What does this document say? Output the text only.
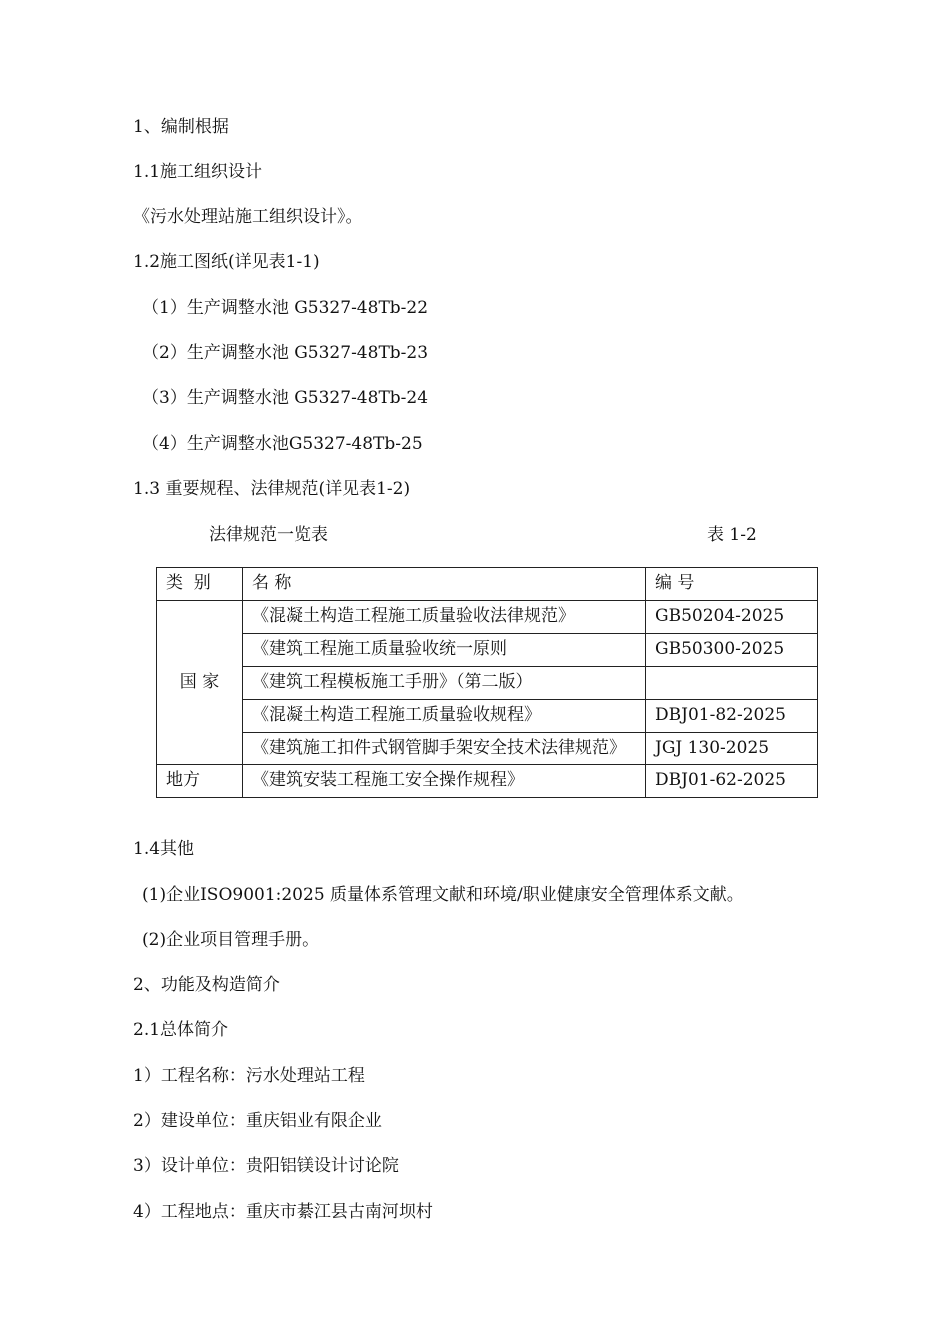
1、编制根据
1.1施工组织设计
《污水处理站施工组织设计》。
1.2施工图纸(详见表1-1)
（1）生产调整水池 G5327-48Tb-22
（2）生产调整水池 G5327-48Tb-23
（3）生产调整水池 G5327-48Tb-24
（4）生产调整水池G5327-48Tb-25
1.3 重要规程、法律规范(详见表1-2)
法律规范一览表	表 1-2
类  别	名 称	编 号
国 家	《混凝土构造工程施工质量验收法律规范》	GB50204-2025
	《建筑工程施工质量验收统一原则	GB50300-2025
	《建筑工程模板施工手册》（第二版）	
	《混凝土构造工程施工质量验收规程》	DBJ01-82-2025
	《建筑施工扣件式钢管脚手架安全技术法律规范》	JGJ 130-2025
地方	《建筑安装工程施工安全操作规程》	DBJ01-62-2025
1.4其他
(1)企业ISO9001:2025 质量体系管理文献和环境/职业健康安全管理体系文献。
(2)企业项目管理手册。
2、功能及构造简介
2.1总体简介
1）工程名称：污水处理站工程
2）建设单位：重庆铝业有限企业
3）设计单位：贵阳铝镁设计讨论院
4）工程地点：重庆市綦江县古南河坝村
